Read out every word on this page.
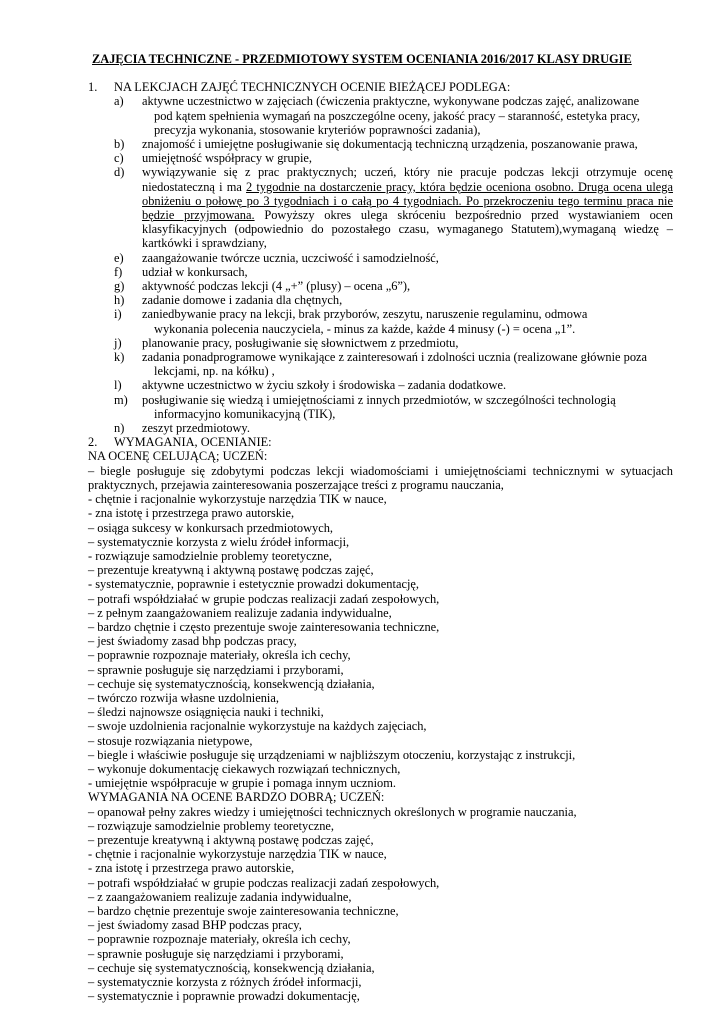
ZAJĘCIA TECHNICZNE - PRZEDMIOTOWY SYSTEM OCENIANIA 2016/2017 KLASY DRUGIE
1.	NA LEKCJACH ZAJĘĆ TECHNICZNYCH OCENIE BIEŻĄCEJ PODLEGA:
a)	aktywne uczestnictwo w zajęciach (ćwiczenia praktyczne, wykonywane podczas zajęć, analizowane
pod kątem spełnienia wymagań na poszczególne oceny, jakość pracy – staranność, estetyka pracy,
precyzja wykonania, stosowanie kryteriów poprawności zadania),
b)	znajomość i umiejętne posługiwanie się dokumentacją techniczną urządzenia, poszanowanie prawa,
c)	umiejętność współpracy w grupie,
d)	wywiązywanie się z prac praktycznych; uczeń, który nie pracuje podczas lekcji otrzymuje ocenę niedostateczną i ma 2 tygodnie na dostarczenie pracy, która będzie oceniona osobno. Druga ocena ulega obniżeniu o połowę po 3 tygodniach i o całą po 4 tygodniach. Po przekroczeniu tego terminu praca nie będzie przyjmowana. Powyższy okres ulega skróceniu bezpośrednio przed wystawianiem ocen klasyfikacyjnych (odpowiednio do pozostałego czasu, wymaganego Statutem),wymaganą wiedzę – kartkówki i sprawdziany,
e)	zaangażowanie twórcze ucznia, uczciwość i samodzielność,
f)	udział w konkursach,
g)	aktywność podczas lekcji (4 „+” (plusy) – ocena „6”),
h)	zadanie domowe i zadania dla chętnych,
i)	zaniedbywanie pracy na lekcji, brak przyborów, zeszytu, naruszenie regulaminu, odmowa
wykonania polecenia nauczyciela, - minus za każde, każde 4 minusy (-) = ocena „1”.
j)	planowanie pracy, posługiwanie się słownictwem z przedmiotu,
k)	zadania ponadprogramowe wynikające z zainteresowań i zdolności ucznia (realizowane głównie poza
lekcjami, np. na kółku) ,
l)	aktywne uczestnictwo w życiu szkoły i środowiska – zadania dodatkowe.
m)	posługiwanie się wiedzą i umiejętnościami z innych przedmiotów, w szczególności technologią
informacyjno komunikacyjną (TIK),
n)	zeszyt przedmiotowy.
2.	WYMAGANIA, OCENIANIE:
NA OCENĘ CELUJĄCĄ; UCZEŃ:
– biegle posługuje się zdobytymi podczas lekcji wiadomościami i umiejętnościami technicznymi w sytuacjach praktycznych, przejawia zainteresowania poszerzające treści z programu nauczania,
- chętnie i racjonalnie wykorzystuje narzędzia TIK w nauce,
- zna istotę i przestrzega prawo autorskie,
– osiąga sukcesy w konkursach przedmiotowych,
– systematycznie korzysta z wielu źródeł informacji,
- rozwiązuje samodzielnie problemy teoretyczne,
– prezentuje kreatywną i aktywną postawę podczas zajęć,
- systematycznie, poprawnie i estetycznie prowadzi dokumentację,
– potrafi współdziałać w grupie podczas realizacji zadań zespołowych,
– z pełnym zaangażowaniem realizuje zadania indywidualne,
– bardzo chętnie i często prezentuje swoje zainteresowania techniczne,
– jest świadomy zasad bhp podczas pracy,
– poprawnie rozpoznaje materiały, określa ich cechy,
– sprawnie posługuje się narzędziami i przyborami,
– cechuje się systematycznością, konsekwencją działania,
– twórczo rozwija własne uzdolnienia,
– śledzi najnowsze osiągnięcia nauki i techniki,
– swoje uzdolnienia racjonalnie wykorzystuje na każdych zajęciach,
– stosuje rozwiązania nietypowe,
– biegle i właściwie posługuje się urządzeniami w najbliższym otoczeniu, korzystając z instrukcji,
– wykonuje dokumentację ciekawych rozwiązań technicznych,
- umiejętnie współpracuje w grupie i pomaga innym uczniom.
WYMAGANIA NA OCENE BARDZO DOBRĄ; UCZEŃ:
– opanował pełny zakres wiedzy i umiejętności technicznych określonych w programie nauczania,
– rozwiązuje samodzielnie problemy teoretyczne,
– prezentuje kreatywną i aktywną postawę podczas zajęć,
- chętnie i racjonalnie wykorzystuje narzędzia TIK w nauce,
- zna istotę i przestrzega prawo autorskie,
– potrafi współdziałać w grupie podczas realizacji zadań zespołowych,
– z zaangażowaniem realizuje zadania indywidualne,
– bardzo chętnie prezentuje swoje zainteresowania techniczne,
– jest świadomy zasad BHP podczas pracy,
– poprawnie rozpoznaje materiały, określa ich cechy,
– sprawnie posługuje się narzędziami i przyborami,
– cechuje się systematycznością, konsekwencją działania,
– systematycznie korzysta z różnych źródeł informacji,
– systematycznie i poprawnie prowadzi dokumentację,
